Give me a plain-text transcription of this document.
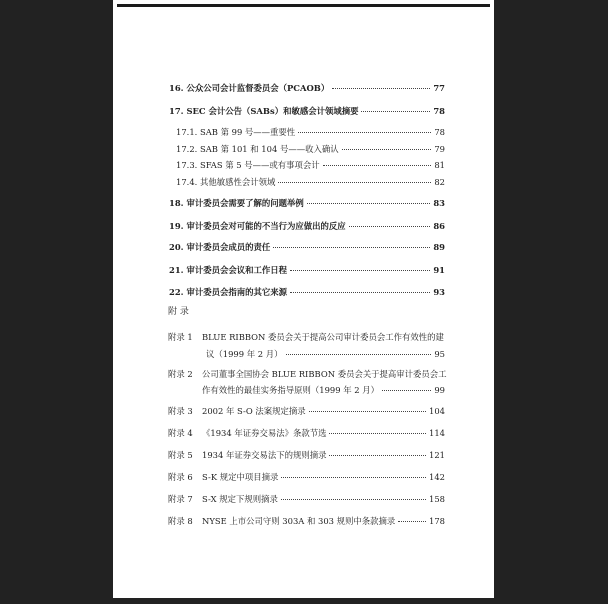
16. 公众公司会计监督委员会（PCAOB）	77
17. SEC 会计公告（SABs）和敏感会计领域摘要	78
17.1. SAB 第 99 号——重要性	78
17.2. SAB 第 101 和 104 号——收入确认	79
17.3. SFAS 第 5 号——或有事项会计	81
17.4. 其他敏感性会计领域	82
18. 审计委员会需要了解的问题举例	83
19. 审计委员会对可能的不当行为应做出的反应	86
20. 审计委员会成员的责任	89
21. 审计委员会会议和工作日程	91
22. 审计委员会指南的其它来源	93
附 录
附录 1 BLUE RIBBON 委员会关于提高公司审计委员会工作有效性的建
议（1999 年 2 月）	95
附录 2 公司董事全国协会 BLUE RIBBON 委员会关于提高审计委员会工
作有效性的最佳实务指导原则（1999 年 2 月）	99
附录 3 2002 年 S-O 法案规定摘录	104
附录 4 《1934 年证券交易法》条款节选	114
附录 5 1934 年证券交易法下的规则摘录	121
附录 6 S-K 规定中项目摘录	142
附录 7 S-X 规定下规则摘录	158
附录 8 NYSE 上市公司守则 303A 和 303 规则中条款摘录	178
